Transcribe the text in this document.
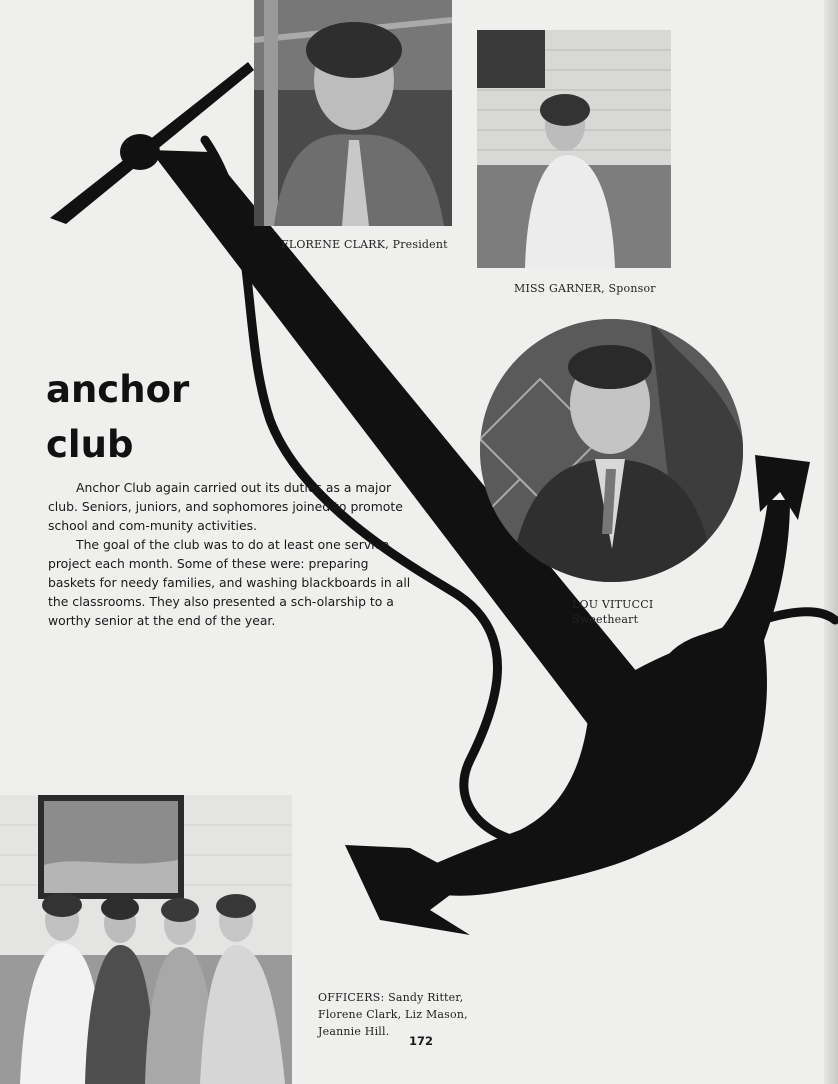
FLORENE CLARK, President
MISS GARNER, Sponsor
LOU VITUCCI
Sweetheart
OFFICERS: Sandy Ritter, Florene Clark, Liz Mason, Jeannie Hill.
anchor
club

Anchor Club again carried out its duties as a major club. Seniors, juniors, and sophomores joined to promote school and com-munity activities.

The goal of the club was to do at least one service project each month. Some of these were: preparing baskets for needy families, and washing blackboards in all the classrooms. They also presented a sch-olarship to a worthy senior at the end of the year.

172
